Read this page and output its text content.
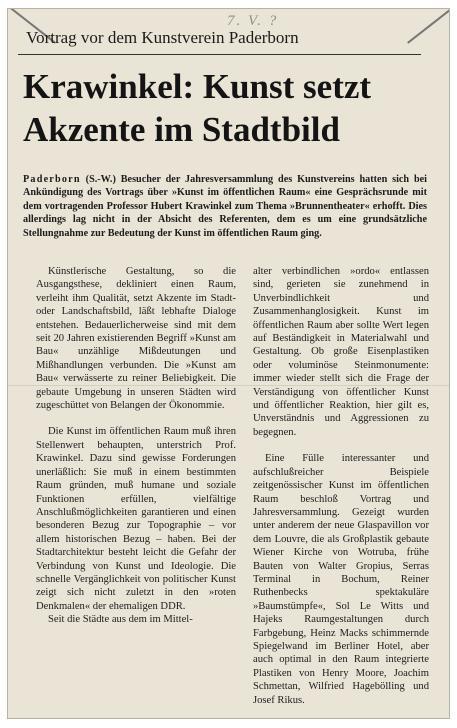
7. V. ?
Vortrag vor dem Kunstverein Paderborn
Krawinkel: Kunst setzt Akzente im Stadtbild
Paderborn (S.-W.) Besucher der Jahresversammlung des Kunstvereins hatten sich bei Ankündigung des Vortrags über »Kunst im öffentlichen Raum« eine Gesprächsrunde mit dem vortragenden Professor Hubert Krawinkel zum Thema »Brunnentheater« erhofft. Dies allerdings lag nicht in der Absicht des Referenten, dem es um eine grundsätzliche Stellungnahme zur Bedeutung der Kunst im öffentlichen Raum ging.

Künstlerische Gestaltung, so die Ausgangsthese, dekliniert einen Raum, verleiht ihm Qualität, setzt Akzente im Stadt- oder Landschaftsbild, läßt lebhafte Dialoge entstehen. Bedauerlicherweise sind mit dem seit 20 Jahren existierenden Begriff »Kunst am Bau« unzählige Mißdeutungen und Mißhandlungen verbunden. Die »Kunst am Bau« verwässerte zu reiner Beliebigkeit. Die gebaute Umgebung in unseren Städten wird zugeschüttet von Belangen der Ökonommie.

Die Kunst im öffentlichen Raum muß ihren Stellenwert behaupten, unterstrich Prof. Krawinkel. Dazu sind gewisse Forderungen unerläßlich: Sie muß in einem bestimmten Raum gründen, muß humane und soziale Funktionen erfüllen, vielfältige Anschlußmöglichkeiten garantieren und einen besonderen Bezug zur Topographie – vor allem historischen Bezug – haben. Bei der Stadtarchitektur besteht leicht die Gefahr der Verbindung von Kunst und Ideologie. Die schnelle Vergänglichkeit von politischer Kunst zeigt sich nicht zuletzt in den »roten Denkmalen« der ehemaligen DDR.

Seit die Städte aus dem im Mittel-

alter verbindlichen »ordo« entlassen sind, gerieten sie zunehmend in Unverbindlichkeit und Zusammenhanglosigkeit. Kunst im öffentlichen Raum aber sollte Wert legen auf Beständigkeit in Materialwahl und Gestaltung. Ob große Eisenplastiken oder voluminöse Steinmonumente: immer wieder stellt sich die Frage der Verständigung von öffentlicher Kunst und öffentlicher Reaktion, hier gilt es, Unverständnis und Aggressionen zu begegnen.

Eine Fülle interessanter und aufschlußreicher Beispiele zeitgenössischer Kunst im öffentlichen Raum beschloß Vortrag und Jahresversammlung. Gezeigt wurden unter anderem der neue Glaspavillon vor dem Louvre, die als Großplastik gebaute Wiener Kirche von Wotruba, frühe Bauten von Walter Gropius, Serras Terminal in Bochum, Reiner Ruthenbecks spektakuläre »Baumstümpfe«, Sol Le Witts und Hajeks Raumgestaltungen durch Farbgebung, Heinz Macks schimmernde Spiegelwand im Berliner Hotel, aber auch optimal in den Raum integrierte Plastiken von Henry Moore, Joachim Schmettan, Wilfried Hagebölling und Josef Rikus.
